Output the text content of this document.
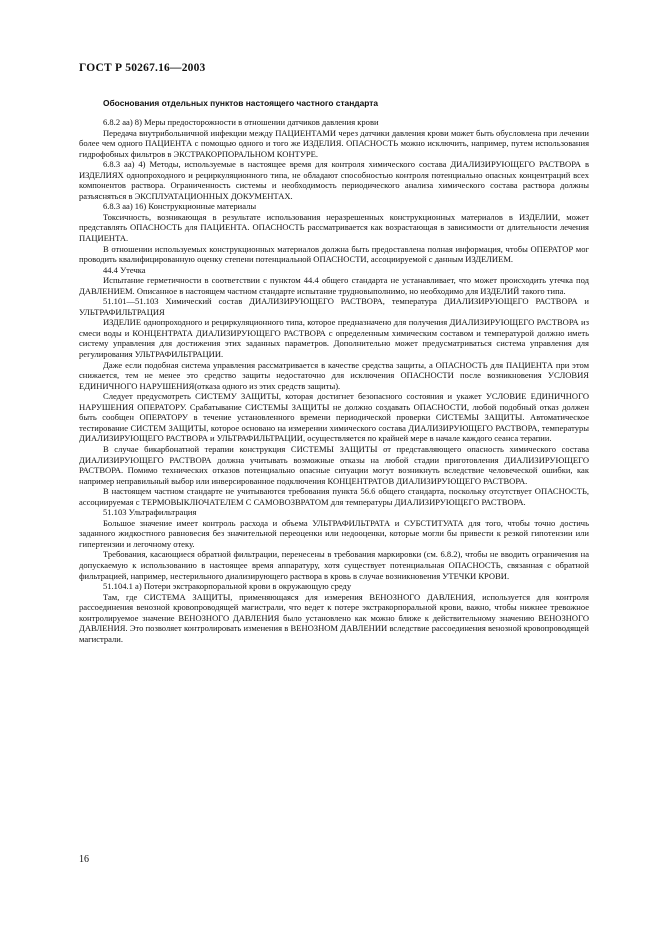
ГОСТ Р 50267.16—2003
Обоснования отдельных пунктов настоящего частного стандарта

6.8.2 аа) 8) Меры предосторожности в отношении датчиков давления крови

Передача внутрибольничной инфекции между ПАЦИЕНТАМИ через датчики давления крови может быть обусловлена при лечении более чем одного ПАЦИЕНТА с помощью одного и того же ИЗДЕЛИЯ. ОПАСНОСТЬ можно исключить, например, путем использования гидрофобных фильтров в ЭКСТРАКОРПОРАЛЬНОМ КОНТУРЕ.

6.8.3 аа) 4) Методы, используемые в настоящее время для контроля химического состава ДИАЛИЗИРУЮЩЕГО РАСТВОРА в ИЗДЕЛИЯХ однопроходного и рециркуляционного типа, не обладают способностью контроля потенциально опасных концентраций всех компонентов раствора. Ограниченность системы и необходимость периодического анализа химического состава раствора должны разъясняться в ЭКСПЛУАТАЦИОННЫХ ДОКУМЕНТАХ.

6.8.3 аа) 16) Конструкционные материалы

Токсичность, возникающая в результате использования неразрешенных конструкционных материалов в ИЗДЕЛИИ, может представлять ОПАСНОСТЬ для ПАЦИЕНТА. ОПАСНОСТЬ рассматривается как возрастающая в зависимости от длительности лечения ПАЦИЕНТА.

В отношении используемых конструкционных материалов должна быть предоставлена полная информация, чтобы ОПЕРАТОР мог проводить квалифицированную оценку степени потенциальной ОПАСНОСТИ, ассоциируемой с данным ИЗДЕЛИЕМ.

44.4 Утечка

Испытание герметичности в соответствии с пунктом 44.4 общего стандарта не устанавливает, что может происходить утечка под ДАВЛЕНИЕМ. Описанное в настоящем частном стандарте испытание трудновыполнимо, но необходимо для ИЗДЕЛИЙ такого типа.

51.101—51.103 Химический состав ДИАЛИЗИРУЮЩЕГО РАСТВОРА, температура ДИАЛИЗИРУЮЩЕГО РАСТВОРА и УЛЬТРАФИЛЬТРАЦИЯ

ИЗДЕЛИЕ однопроходного и рециркуляционного типа, которое предназначено для получения ДИАЛИЗИРУЮЩЕГО РАСТВОРА из смеси воды и КОНЦЕНТРАТА ДИАЛИЗИРУЮЩЕГО РАСТВОРА с определенным химическим составом и температурой должно иметь систему управления для достижения этих заданных параметров. Дополнительно может предусматриваться система управления для регулирования УЛЬТРАФИЛЬТРАЦИИ.

Даже если подобная система управления рассматривается в качестве средства защиты, а ОПАСНОСТЬ для ПАЦИЕНТА при этом снижается, тем не менее это средство защиты недостаточно для исключения ОПАСНОСТИ после возникновения УСЛОВИЯ ЕДИНИЧНОГО НАРУШЕНИЯ(отказа одного из этих средств защиты).

Следует предусмотреть СИСТЕМУ ЗАЩИТЫ, которая достигнет безопасного состояния и укажет УСЛОВИЕ ЕДИНИЧНОГО НАРУШЕНИЯ ОПЕРАТОРУ. Срабатывание СИСТЕМЫ ЗАЩИТЫ не должно создавать ОПАСНОСТИ, любой подобный отказ должен быть сообщен ОПЕРАТОРУ в течение установленного времени периодической проверки СИСТЕМЫ ЗАЩИТЫ. Автоматическое тестирование СИСТЕМ ЗАЩИТЫ, которое основано на измерении химического состава ДИАЛИЗИРУЮЩЕГО РАСТВОРА, температуры ДИАЛИЗИРУЮЩЕГО РАСТВОРА и УЛЬТРАФИЛЬТРАЦИИ, осуществляется по крайней мере в начале каждого сеанса терапии.

В случае бикарбонатной терапии конструкция СИСТЕМЫ ЗАЩИТЫ от представляющего опасность химического состава ДИАЛИЗИРУЮЩЕГО РАСТВОРА должна учитывать возможные отказы на любой стадии приготовления ДИАЛИЗИРУЮЩЕГО РАСТВОРА. Помимо технических отказов потенциально опасные ситуации могут возникнуть вследствие человеческой ошибки, как например неправильный выбор или инверсированное подключения КОНЦЕНТРАТОВ ДИАЛИЗИРУЮЩЕГО РАСТВОРА.

В настоящем частном стандарте не учитываются требования пункта 56.6 общего стандарта, поскольку отсутствует ОПАСНОСТЬ, ассоциируемая с ТЕРМОВЫКЛЮЧАТЕЛЕМ С САМОВОЗВРАТОМ для температуры ДИАЛИЗИРУЮЩЕГО РАСТВОРА.

51.103 Ультрафильтрация

Большое значение имеет контроль расхода и объема УЛЬТРАФИЛЬТРАТА и СУБСТИТУАТА для того, чтобы точно достичь заданного жидкостного равновесия без значительной переоценки или недооценки, которые могли бы привести к резкой гипотензии или гипертензии и легочному отеку.

Требования, касающиеся обратной фильтрации, перенесены в требования маркировки (см. 6.8.2), чтобы не вводить ограничения на допускаемую к использованию в настоящее время аппаратуру, хотя существует потенциальная ОПАСНОСТЬ, связанная с обратной фильтрацией, например, нестерильного диализирующего раствора в кровь в случае возникновения УТЕЧКИ КРОВИ.

51.104.1 а) Потери экстракорпоральной крови в окружающую среду

Там, где СИСТЕМА ЗАЩИТЫ, применяющаяся для измерения ВЕНОЗНОГО ДАВЛЕНИЯ, используется для контроля рассоединения венозной кровопроводящей магистрали, что ведет к потере экстракорпоральной крови, важно, чтобы нижнее тревожное контролируемое значение ВЕНОЗНОГО ДАВЛЕНИЯ было установлено как можно ближе к действительному значению ВЕНОЗНОГО ДАВЛЕНИЯ. Это позволяет контролировать изменения в ВЕНОЗНОМ ДАВЛЕНИИ вследствие рассоединения венозной кровопроводящей магистрали.

16
